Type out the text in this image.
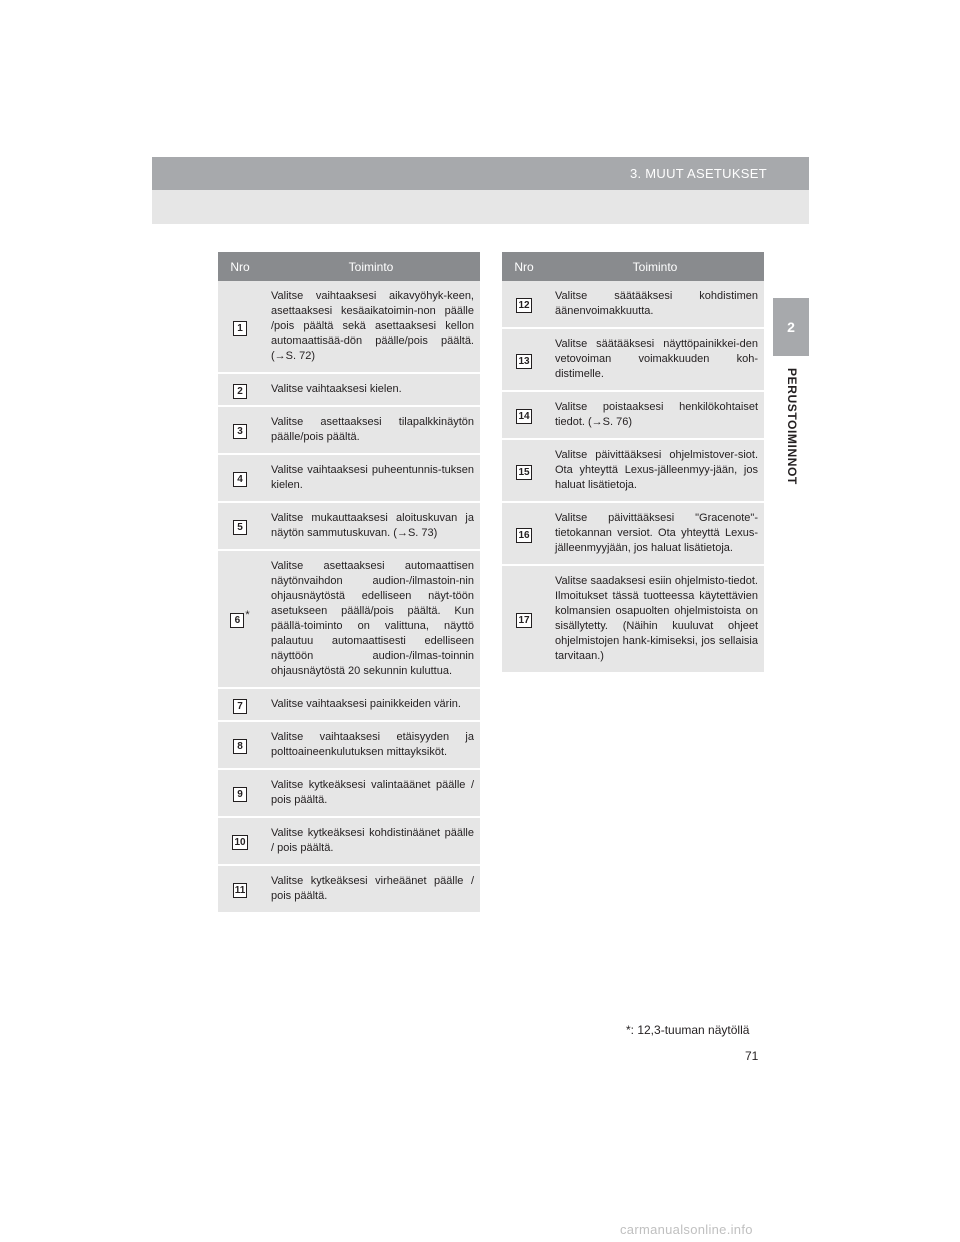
3. MUUT ASETUKSET
2
PERUSTOIMINNOT
Nro	Toiminto
1	Valitse vaihtaaksesi aikavyöhyk-keen, asettaaksesi kesäaikatoimin-non päälle /pois päältä sekä asettaaksesi kellon automaattisää-dön päälle/pois päältä. (→S. 72)
2	Valitse vaihtaaksesi kielen.
3	Valitse asettaaksesi tilapalkkinäytön päälle/pois päältä.
4	Valitse vaihtaaksesi puheentunnis-tuksen kielen.
5	Valitse mukauttaaksesi aloituskuvan ja näytön sammutuskuvan. (→S. 73)
6 *	Valitse asettaaksesi automaattisen näytönvaihdon audion-/ilmastoin-nin ohjausnäytöstä edelliseen näyt-töön asetukseen päällä/pois päältä. Kun päällä-toiminto on valittuna, näyttö palautuu automaattisesti edelliseen näyttöön audion-/ilmas-toinnin ohjausnäytöstä 20 sekunnin kuluttua.
7	Valitse vaihtaaksesi painikkeiden värin.
8	Valitse vaihtaaksesi etäisyyden ja polttoaineenkulutuksen mittayksiköt.
9	Valitse kytkeäksesi valintaäänet päälle / pois päältä.
10	Valitse kytkeäksesi kohdistinäänet päälle / pois päältä.
11	Valitse kytkeäksesi virheäänet päälle / pois päältä.
Nro	Toiminto
12	Valitse säätääksesi kohdistimen äänenvoimakkuutta.
13	Valitse säätääksesi näyttöpainikkei-den vetovoiman voimakkuuden koh-distimelle.
14	Valitse poistaaksesi henkilökohtaiset tiedot. (→S. 76)
15	Valitse päivittääksesi ohjelmistover-siot. Ota yhteyttä Lexus-jälleenmyy-jään, jos haluat lisätietoja.
16	Valitse päivittääksesi "Gracenote"-tietokannan versiot. Ota yhteyttä Lexus-jälleenmyyjään, jos haluat lisätietoja.
17	Valitse saadaksesi esiin ohjelmisto-tiedot. Ilmoitukset tässä tuotteessa käytettävien kolmansien osapuolten ohjelmistoista on sisällytetty. (Näihin kuuluvat ohjeet ohjelmistojen hank-kimiseksi, jos sellaisia tarvitaan.)
*: 12,3-tuuman näytöllä
71
carmanualsonline.info
